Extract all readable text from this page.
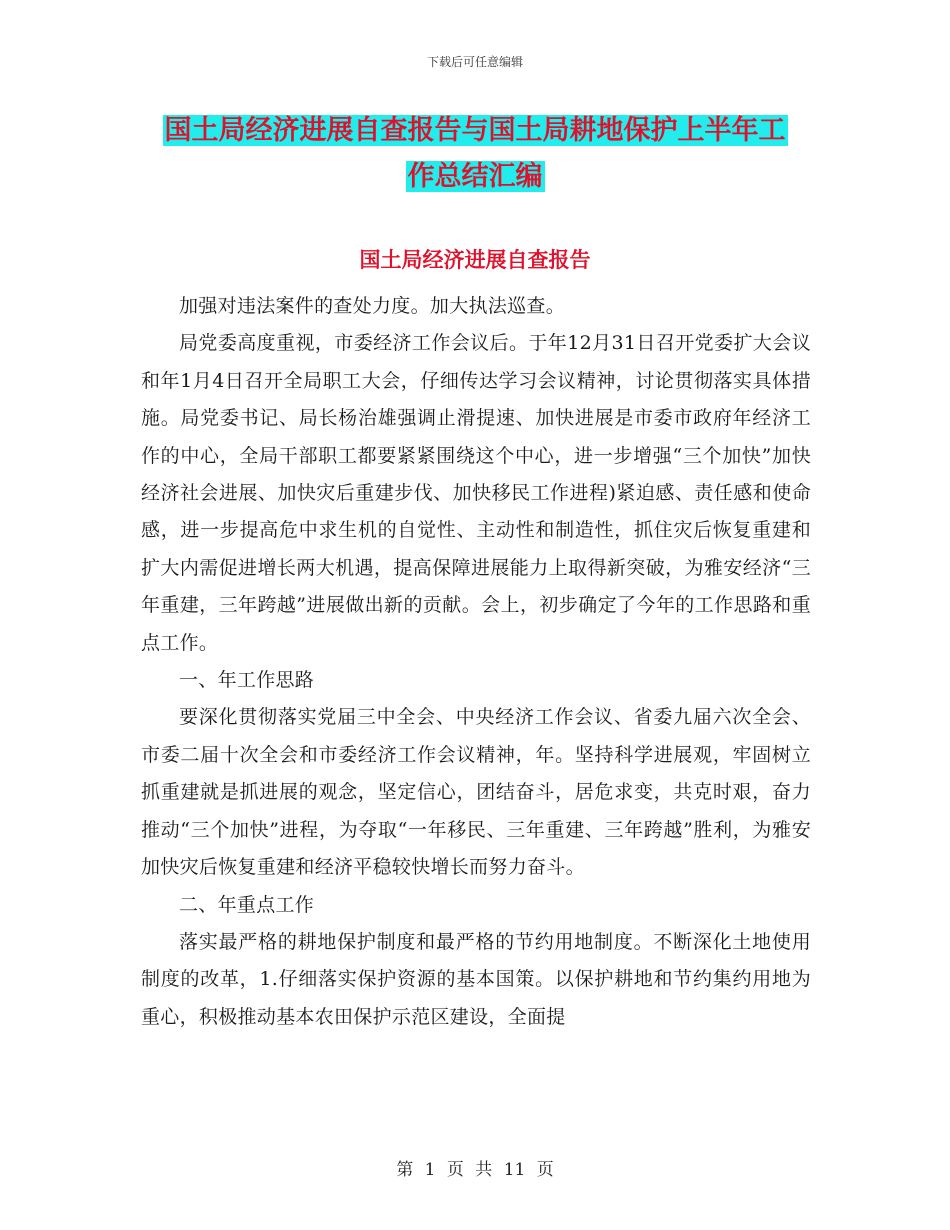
下载后可任意编辑
国土局经济进展自查报告与国土局耕地保护上半年工
作总结汇编
国土局经济进展自查报告

加强对违法案件的查处力度。加大执法巡查。

局党委高度重视，市委经济工作会议后。于年12月31日召开党委扩大会议和年1月4日召开全局职工大会，仔细传达学习会议精神，讨论贯彻落实具体措施。局党委书记、局长杨治雄强调止滑提速、加快进展是市委市政府年经济工作的中心，全局干部职工都要紧紧围绕这个中心，进一步增强“三个加快”加快经济社会进展、加快灾后重建步伐、加快移民工作进程)紧迫感、责任感和使命感，进一步提高危中求生机的自觉性、主动性和制造性，抓住灾后恢复重建和扩大内需促进增长两大机遇，提高保障进展能力上取得新突破，为雅安经济“三年重建，三年跨越”进展做出新的贡献。会上，初步确定了今年的工作思路和重点工作。

一、年工作思路

要深化贯彻落实党届三中全会、中央经济工作会议、省委九届六次全会、市委二届十次全会和市委经济工作会议精神，年。坚持科学进展观，牢固树立抓重建就是抓进展的观念，坚定信心，团结奋斗，居危求变，共克时艰，奋力推动“三个加快”进程，为夺取“一年移民、三年重建、三年跨越”胜利，为雅安加快灾后恢复重建和经济平稳较快增长而努力奋斗。

二、年重点工作

落实最严格的耕地保护制度和最严格的节约用地制度。不断深化土地使用制度的改革，1.仔细落实保护资源的基本国策。以保护耕地和节约集约用地为重心，积极推动基本农田保护示范区建设，全面提

第 1 页 共 11 页
